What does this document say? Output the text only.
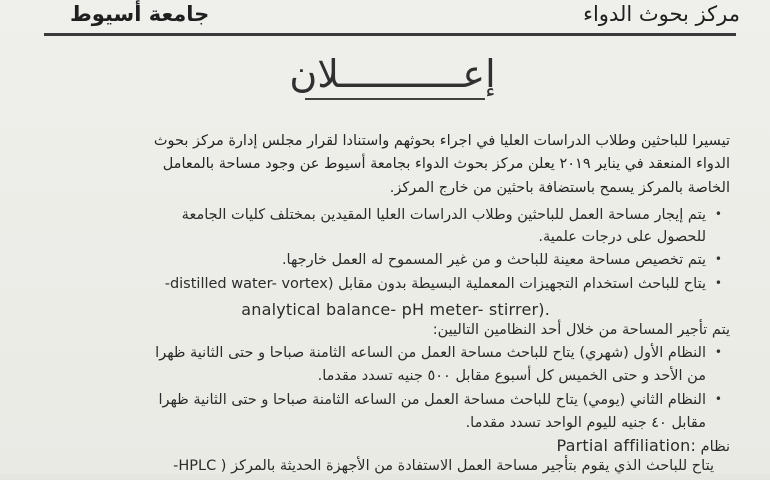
مركز بحوث الدواء
جامعة أسيوط
إعـــــــــــلان
تيسيرا للباحثين وطلاب الدراسات العليا في اجراء بحوثهم واستنادا لقرار مجلس إدارة مركز بحوث
الدواء المنعقد في يناير ٢٠١٩ يعلن مركز بحوث الدواء بجامعة أسيوط عن وجود مساحة بالمعامل
الخاصة بالمركز يسمح باستضافة باحثين من خارج المركز.
•
يتم إيجار مساحة العمل للباحثين وطلاب الدراسات العليا المقيدين بمختلف كليات الجامعة
للحصول على درجات علمية.
•
يتم تخصيص مساحة معينة للباحث و من غير المسموح له العمل خارجها.
•
يتاح للباحث استخدام التجهيزات المعملية البسيطة بدون مقابل (distilled water- vortex-
analytical balance- pH meter- stirrer).
يتم تأجير المساحة من خلال أحد النظامين التاليين:
•
النظام الأول (شهري) يتاح للباحث مساحة العمل من الساعه الثامنة صباحا و حتى الثانية ظهرا
من الأحد و حتى الخميس كل أسبوع مقابل ٥٠٠ جنيه تسدد مقدما.
•
النظام الثاني (يومي) يتاح للباحث مساحة العمل من الساعه الثامنة صباحا و حتى الثانية ظهرا
مقابل ٤٠ جنيه لليوم الواحد تسدد مقدما.
نظام Partial affiliation:
يتاح للباحث الذي يقوم بتأجير مساحة العمل الاستفادة من الأجهزة الحديثة بالمركز ( HPLC-
